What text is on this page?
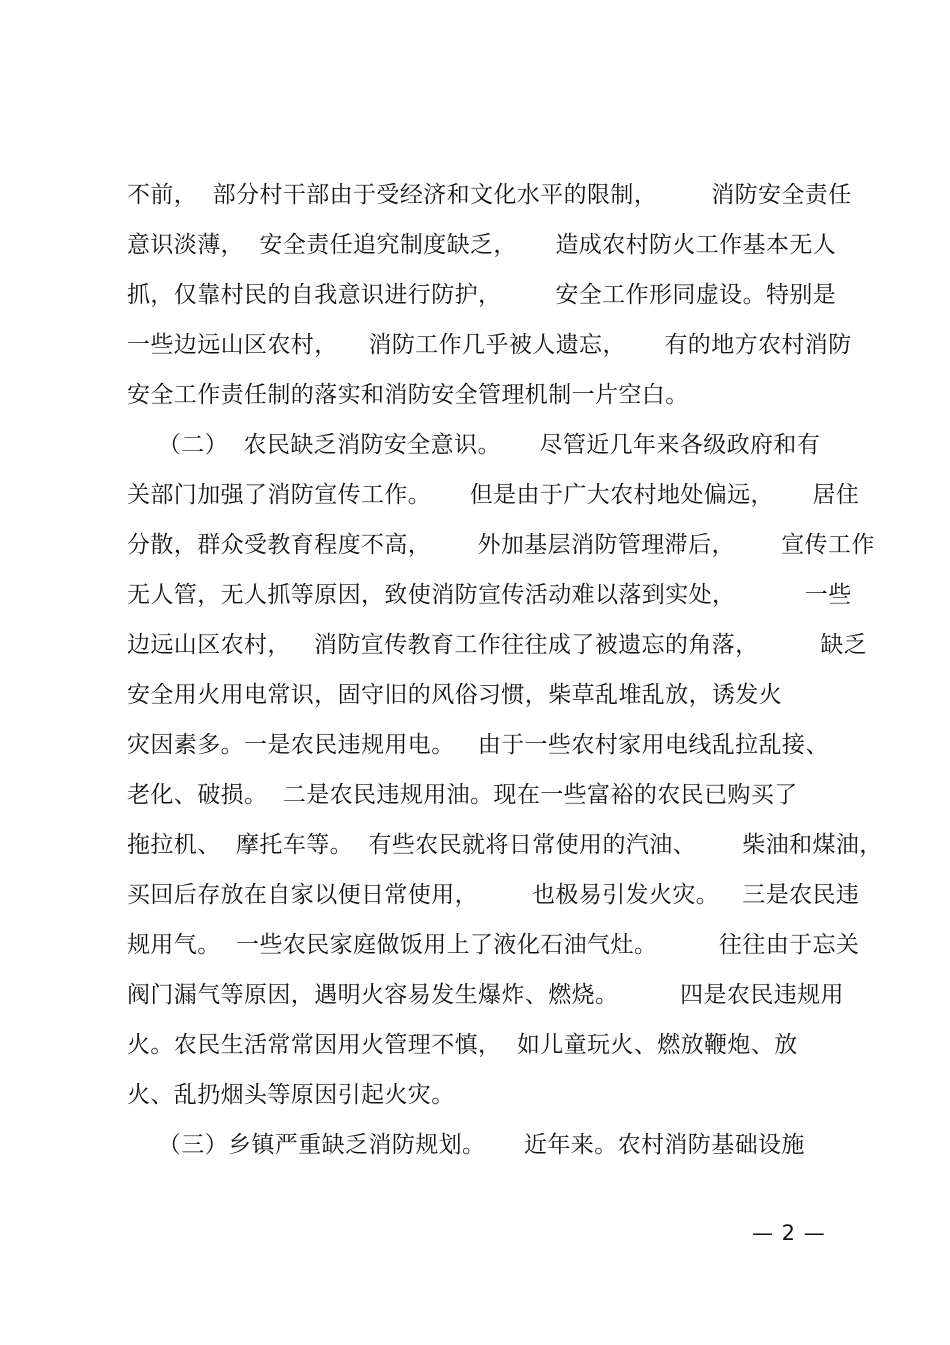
不前，  部分村干部由于受经济和文化水平的限制，       消防安全责任
意识淡薄，  安全责任追究制度缺乏，     造成农村防火工作基本无人
抓，仅靠村民的自我意识进行防护，       安全工作形同虚设。特别是
一些边远山区农村，    消防工作几乎被人遗忘，     有的地方农村消防
安全工作责任制的落实和消防安全管理机制一片空白。
（二）  农民缺乏消防安全意识。     尽管近几年来各级政府和有
关部门加强了消防宣传工作。     但是由于广大农村地处偏远，     居住
分散，群众受教育程度不高，      外加基层消防管理滞后，      宣传工作
无人管，无人抓等原因，致使消防宣传活动难以落到实处，         一些
边远山区农村，   消防宣传教育工作往往成了被遗忘的角落，        缺乏
安全用火用电常识，固守旧的风俗习惯，柴草乱堆乱放，诱发火
灾因素多。一是农民违规用电。   由于一些农村家用电线乱拉乱接、
老化、破损。  二是农民违规用油。现在一些富裕的农民已购买了
拖拉机、  摩托车等。  有些农民就将日常使用的汽油、      柴油和煤油，
买回后存放在自家以便日常使用，       也极易引发火灾。   三是农民违
规用气。  一些农民家庭做饭用上了液化石油气灶。        往往由于忘关
阀门漏气等原因，遇明火容易发生爆炸、燃烧。        四是农民违规用
火。农民生活常常因用火管理不慎，  如儿童玩火、燃放鞭炮、放
火、乱扔烟头等原因引起火灾。
（三）乡镇严重缺乏消防规划。     近年来。农村消防基础设施
— 2 —
